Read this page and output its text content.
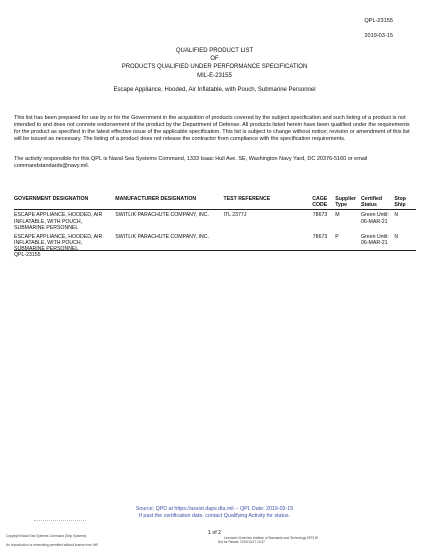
QPL-23155
2019-03-15
QUALIFIED PRODUCT LIST
OF
PRODUCTS QUALIFIED UNDER PERFORMANCE SPECIFICATION
MIL-E-23155
Escape Appliance, Hooded, Air Inflatable, with Pouch, Submarine Personnel
This list has been prepared for use by or for the Government in the acquisition of products covered by the subject specification and such listing of a product is not intended to and does not connote endorsement of the product by the Department of Defense. All products listed herein have been qualified under the requirements for the product as specified in the latest effective issue of the applicable specification. This list is subject to change without notice; revision or amendment of this list will be issued as necessary. The listing of a product does not release the contractor from compliance with the specification requirements.
The activity responsible for this QPL is Naval Sea Systems Command, 1333 Isaac Hull Ave. SE, Washington Navy Yard, DC 20376-5160 or email commandstandards@navy.mil.
GOVERNMENT DESIGNATION	MANUFACTURER DESIGNATION	TEST REFERENCE	CAGE CODE	Supplier Type	Certified Status	Stop Ship
ESCAPE APPLIANCE, HOODED, AIR INFLATABLE, WITH POUCH, SUBMARINE PERSONNEL	SWITLIK PARACHUTE COMPANY, INC.	ITL 2377J	78673	M	Green Until: 06-MAR-21	N
ESCAPE APPLIANCE, HOODED, AIR INFLATABLE, WITH POUCH, SUBMARINE PERSONNEL	SWITLIK PARACHUTE COMPANY, INC.		78673	P	Green Until: 06-MAR-21	N
QPL-23155
Source: QPD at https://assist.daps.dla.mil -- QPL Date: 2019-03-15
If past the certification date, contact Qualifying Activity for status.
1 of 2
Copyright Naval Sea Systems Command (Ship Systems)
No reproduction or networking permitted without license from IHS
Licensee=Overview Institute of Standards and Technology 9973 W
Not for Resale, 2019/10/17 13:37
